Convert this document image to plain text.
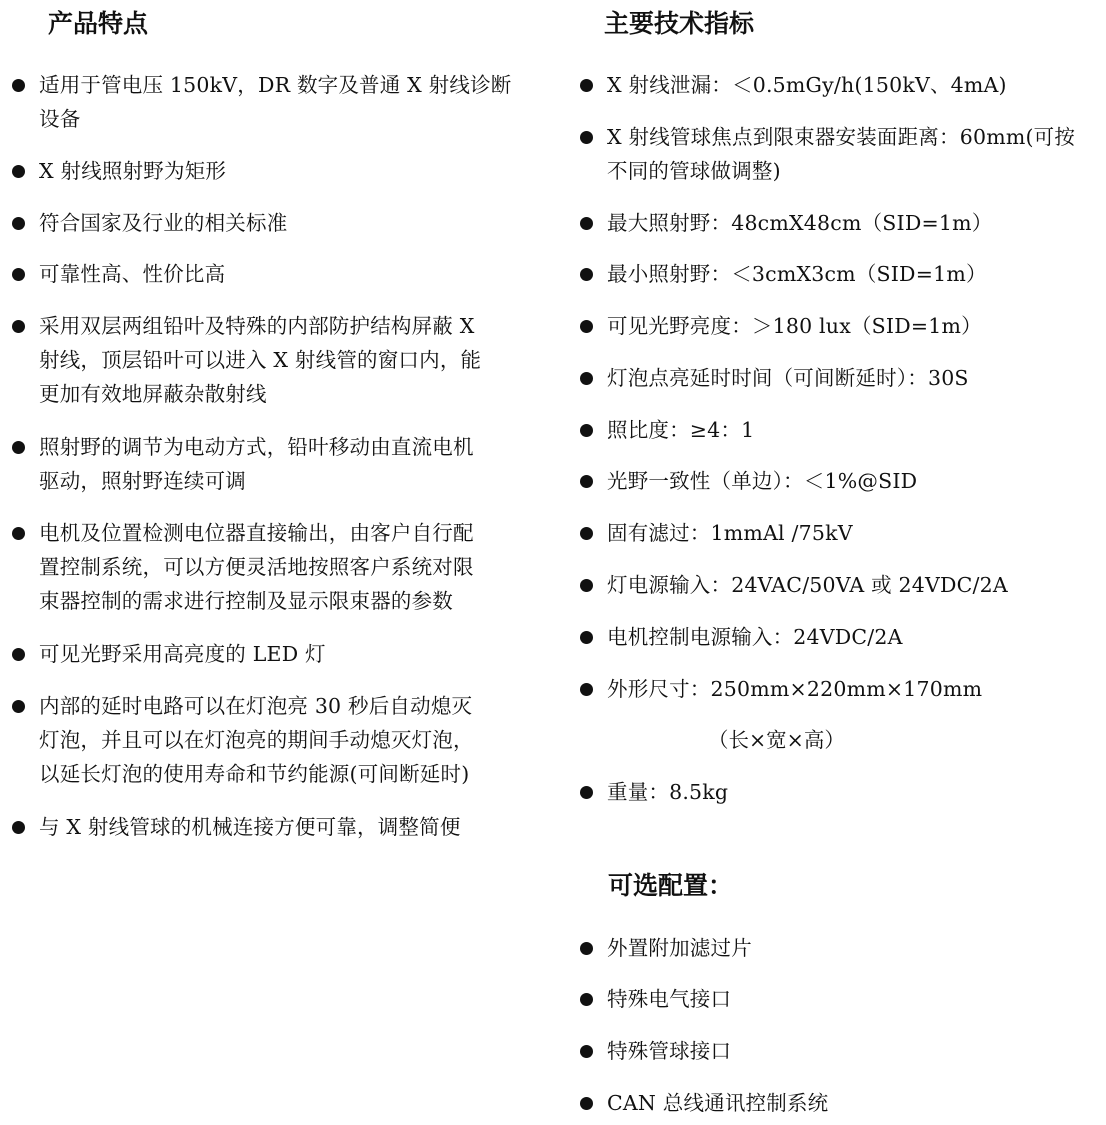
产品特点
适用于管电压 150kV，DR 数字及普通 X 射线诊断
设备
X 射线照射野为矩形
符合国家及行业的相关标准
可靠性高、性价比高
采用双层两组铅叶及特殊的内部防护结构屏蔽 X
射线，顶层铅叶可以进入 X 射线管的窗口内，能
更加有效地屏蔽杂散射线
照射野的调节为电动方式，铅叶移动由直流电机
驱动，照射野连续可调
电机及位置检测电位器直接输出，由客户自行配
置控制系统，可以方便灵活地按照客户系统对限
束器控制的需求进行控制及显示限束器的参数
可见光野采用高亮度的 LED 灯
内部的延时电路可以在灯泡亮 30 秒后自动熄灭
灯泡，并且可以在灯泡亮的期间手动熄灭灯泡，
以延长灯泡的使用寿命和节约能源(可间断延时)
与 X 射线管球的机械连接方便可靠，调整简便
主要技术指标
X 射线泄漏：＜0.5mGy/h(150kV、4mA)
X 射线管球焦点到限束器安装面距离：60mm(可按
不同的管球做调整)
最大照射野：48cmX48cm（SID=1m）
最小照射野：＜3cmX3cm（SID=1m）
可见光野亮度：＞180 lux（SID=1m）
灯泡点亮延时时间（可间断延时）：30S
照比度：≥4：1
光野一致性（单边）：＜1%@SID
固有滤过：1mmAl /75kV
灯电源输入：24VAC/50VA 或 24VDC/2A
电机控制电源输入：24VDC/2A
外形尺寸：250mm×220mm×170mm
（长×宽×高）
重量：8.5kg
可选配置：
外置附加滤过片
特殊电气接口
特殊管球接口
CAN 总线通讯控制系统
